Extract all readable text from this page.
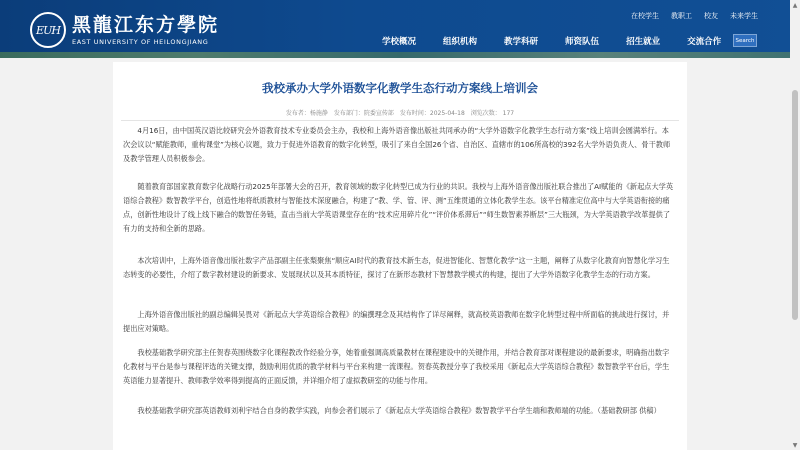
EUH 黑龍江东方學院
EAST UNIVERSITY OF HEILONGJIANG
在校学生 教职工 校友 未来学生
学校概况	组织机构	教学科研	师资队伍	招生就业	交流合作	Search
我校承办大学外语数字化教学生态行动方案线上培训会
发布者：杨施静 发布部门：院委宣传部 发布时间：2025-04-18 浏览次数： 177

4月16日，由中国英汉语比较研究会外语教育技术专业委员会主办，我校和上海外语音像出版社共同承办的“大学外语数字化教学生态行动方案”线上培训会圆满举行。本次会议以“赋能教师，重构课堂”为核心议题，致力于促进外语教育的数字化转型，吸引了来自全国26个省、自治区、直辖市的106所高校的392名大学外语负责人、骨干教师及教学管理人员积极参会。

随着教育部国家教育数字化战略行动2025年部署大会的召开，教育领域的数字化转型已成为行业的共识。我校与上海外语音像出版社联合推出了AI赋能的《新起点大学英语综合教程》数智教学平台，创造性地将纸质教材与智能技术深度融合，构建了“教、学、管、评、测”五维贯通的立体化教学生态。该平台精准定位高中与大学英语衔接的痛点，创新性地设计了线上线下融合的数智任务链，直击当前大学英语课堂存在的“技术应用碎片化”“评价体系滞后”“师生数智素养断层”三大瓶颈，为大学英语教学改革提供了有力的支持和全新的思路。

本次培训中，上海外语音像出版社数字产品部副主任张梨聚焦“顺应AI时代的教育技术新生态，促进智能化、智慧化教学”这一主题，阐释了从数字化教育向智慧化学习生态转变的必要性，介绍了数字教材建设的新要求、发展现状以及其本质特征，探讨了在新形态教材下智慧教学模式的构建，提出了大学外语数字化教学生态的行动方案。

上海外语音像出版社的副总编辑吴畏对《新起点大学英语综合教程》的编撰理念及其结构作了详尽阐释，就高校英语教师在数字化转型过程中所面临的挑战进行探讨，并提出应对策略。

我校基础教学研究部主任贺春英围绕数字化课程教改作经验分享，她着重强调高质量教材在课程建设中的关键作用，并结合教育部对课程建设的最新要求，明确指出数字化教材与平台是参与课程评选的关键支撑，鼓励利用优质的教学材料与平台来构建一流课程。贺春英教授分享了我校采用《新起点大学英语综合教程》数智教学平台后，学生英语能力显著提升、教师教学效率得到提高的正面反馈，并详细介绍了虚拟教研室的功能与作用。

我校基础教学研究部英语教师刘利宇结合自身的教学实践，向参会者们展示了《新起点大学英语综合教程》数智教学平台学生端和教师端的功能。（基础教研部 供稿）

▲
▼
